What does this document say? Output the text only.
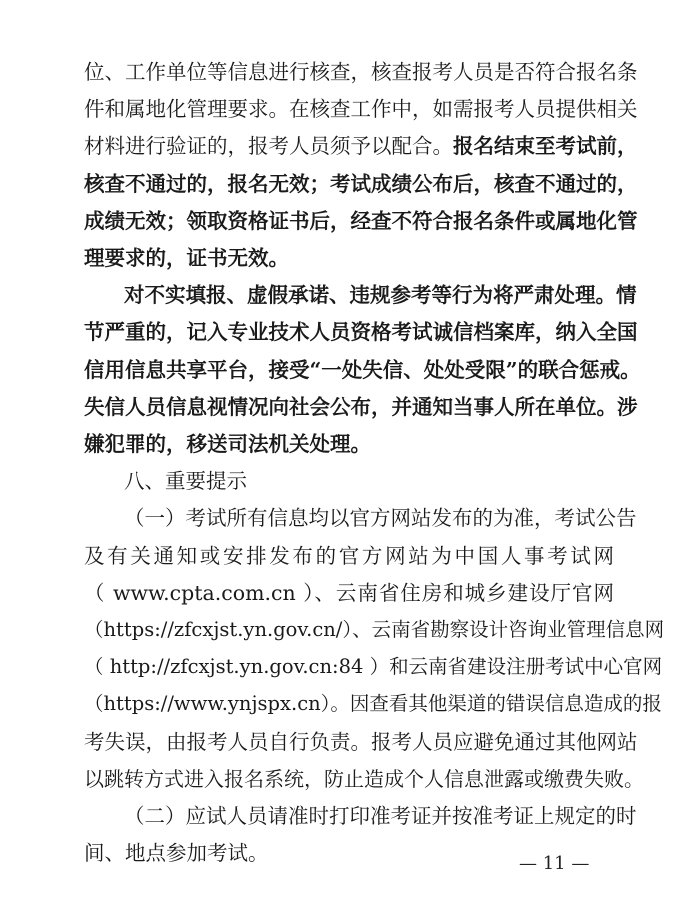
位、工作单位等信息进行核查，核查报考人员是否符合报名条
件和属地化管理要求。在核查工作中，如需报考人员提供相关
材料进行验证的，报考人员须予以配合。报名结束至考试前，
核查不通过的，报名无效；考试成绩公布后，核查不通过的，
成绩无效；领取资格证书后，经查不符合报名条件或属地化管
理要求的，证书无效。
对不实填报、虚假承诺、违规参考等行为将严肃处理。情
节严重的，记入专业技术人员资格考试诚信档案库，纳入全国
信用信息共享平台，接受“一处失信、处处受限”的联合惩戒。
失信人员信息视情况向社会公布，并通知当事人所在单位。涉
嫌犯罪的，移送司法机关处理。
八、重要提示
（一）考试所有信息均以官方网站发布的为准，考试公告
及有关通知或安排发布的官方网站为中国人事考试网
（ www.cpta.com.cn ）、云南省住房和城乡建设厅官网
（https://zfcxjst.yn.gov.cn/）、云南省勘察设计咨询业管理信息网
（ http://zfcxjst.yn.gov.cn:84 ）和云南省建设注册考试中心官网
（https://www.ynjspx.cn）。因查看其他渠道的错误信息造成的报
考失误，由报考人员自行负责。报考人员应避免通过其他网站
以跳转方式进入报名系统，防止造成个人信息泄露或缴费失败。
— 11 —
（二）应试人员请准时打印准考证并按准考证上规定的时
间、地点参加考试。
